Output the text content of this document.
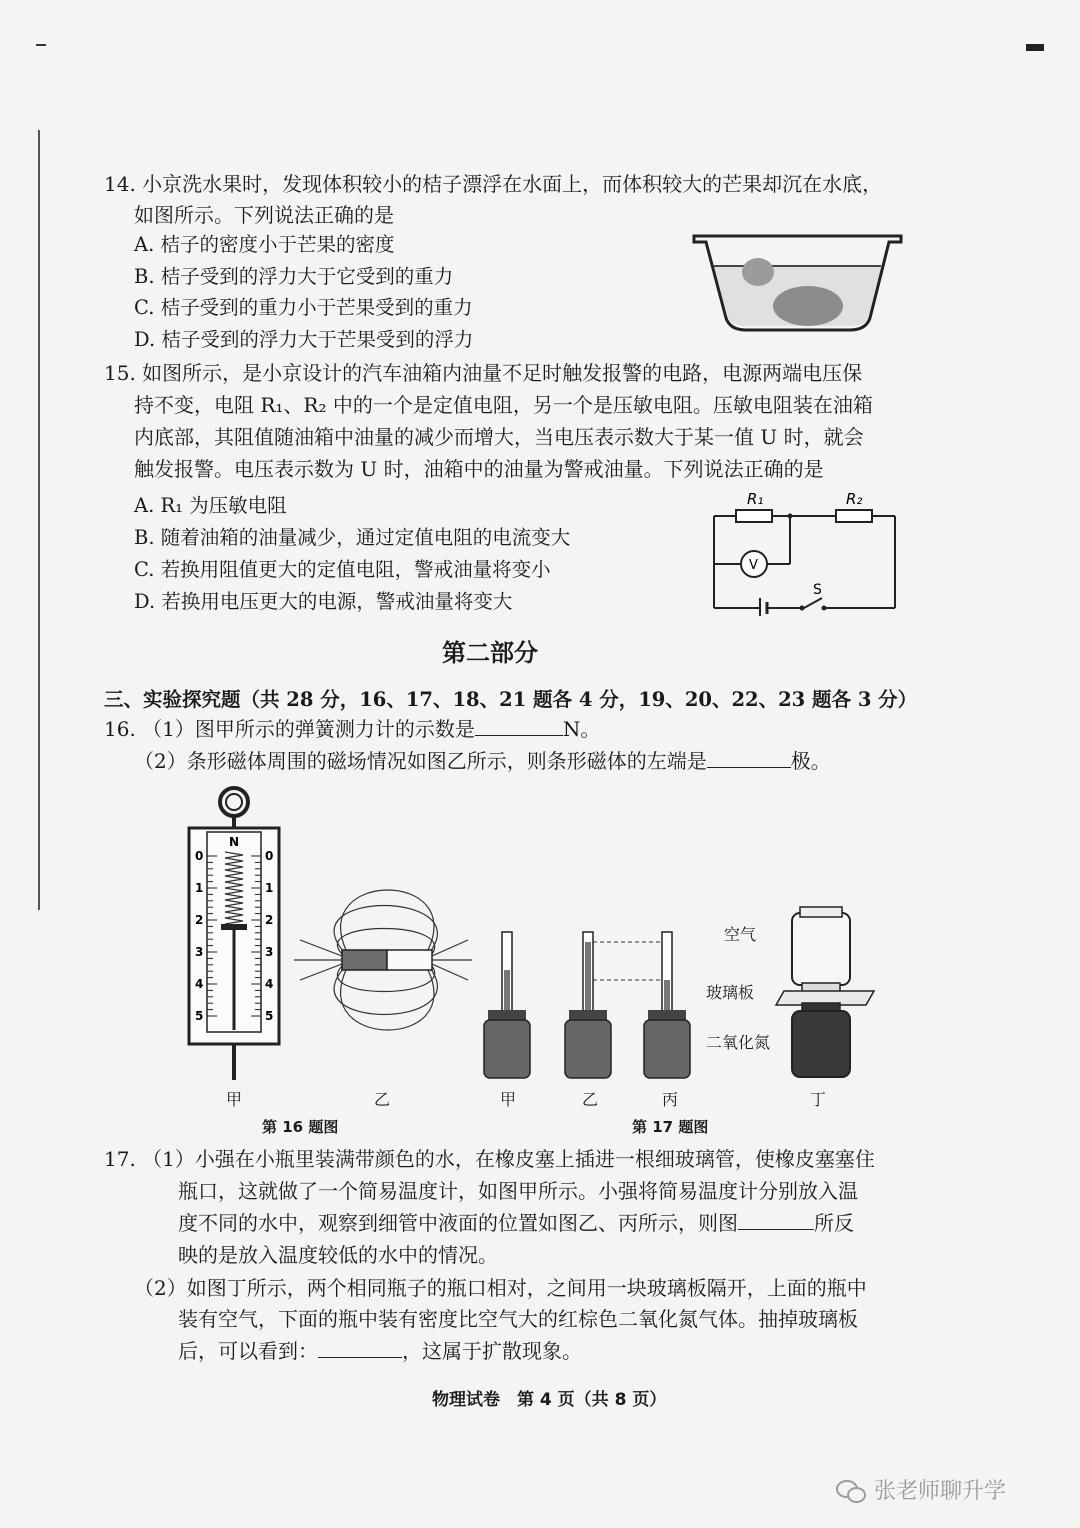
14. 小京洗水果时，发现体积较小的桔子漂浮在水面上，而体积较大的芒果却沉在水底，
如图所示。下列说法正确的是
A. 桔子的密度小于芒果的密度
B. 桔子受到的浮力大于它受到的重力
C. 桔子受到的重力小于芒果受到的重力
D. 桔子受到的浮力大于芒果受到的浮力
15. 如图所示，是小京设计的汽车油箱内油量不足时触发报警的电路，电源两端电压保
持不变，电阻 R₁、R₂ 中的一个是定值电阻，另一个是压敏电阻。压敏电阻装在油箱
内底部，其阻值随油箱中油量的减少而增大，当电压表示数大于某一值 U 时，就会
触发报警。电压表示数为 U 时，油箱中的油量为警戒油量。下列说法正确的是
A. R₁ 为压敏电阻
B. 随着油箱的油量减少，通过定值电阻的电流变大
C. 若换用阻值更大的定值电阻，警戒油量将变小
D. 若换用电压更大的电源，警戒油量将变大
R₁	R₂
V
S
第二部分
三、实验探究题（共 28 分，16、17、18、21 题各 4 分，19、20、22、23 题各 3 分）
16. （1）图甲所示的弹簧测力计的示数是	N。
（2）条形磁体周围的磁场情况如图乙所示，则条形磁体的左端是	极。
N
0	0
1	1
2	2
3	3
4	4
5	5
甲	乙	甲	乙	丙
空气
玻璃板
二氧化氮
丁
第 16 题图	第 17 题图
17. （1）小强在小瓶里装满带颜色的水，在橡皮塞上插进一根细玻璃管，使橡皮塞塞住
瓶口，这就做了一个简易温度计，如图甲所示。小强将简易温度计分别放入温
度不同的水中，观察到细管中液面的位置如图乙、丙所示，则图	所反
映的是放入温度较低的水中的情况。
（2）如图丁所示，两个相同瓶子的瓶口相对，之间用一块玻璃板隔开，上面的瓶中
装有空气，下面的瓶中装有密度比空气大的红棕色二氧化氮气体。抽掉玻璃板
后，可以看到：	，这属于扩散现象。
物理试卷　第 4 页（共 8 页）
张老师聊升学
